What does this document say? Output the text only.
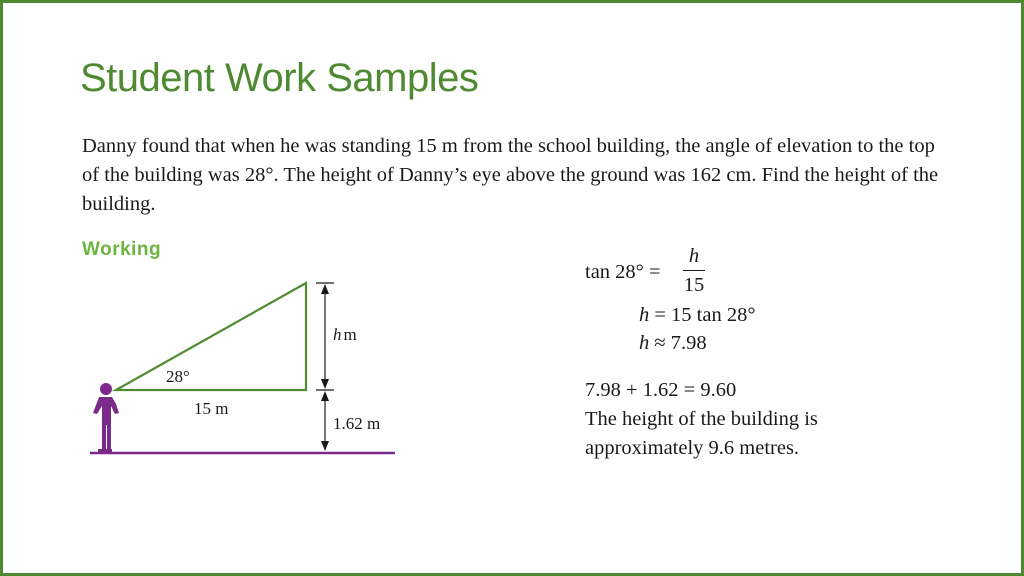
Student Work Samples

Danny found that when he was standing 15 m from the school building, the angle of elevation to the top of the building was 28°. The height of Danny’s eye above the ground was 162 cm. Find the height of the building.

Working
28°
15 m
h m
1.62 m
tan 28° =
h
15
h = 15 tan 28°
h ≈ 7.98
7.98 + 1.62 = 9.60
The height of the building is
approximately 9.6 metres.
